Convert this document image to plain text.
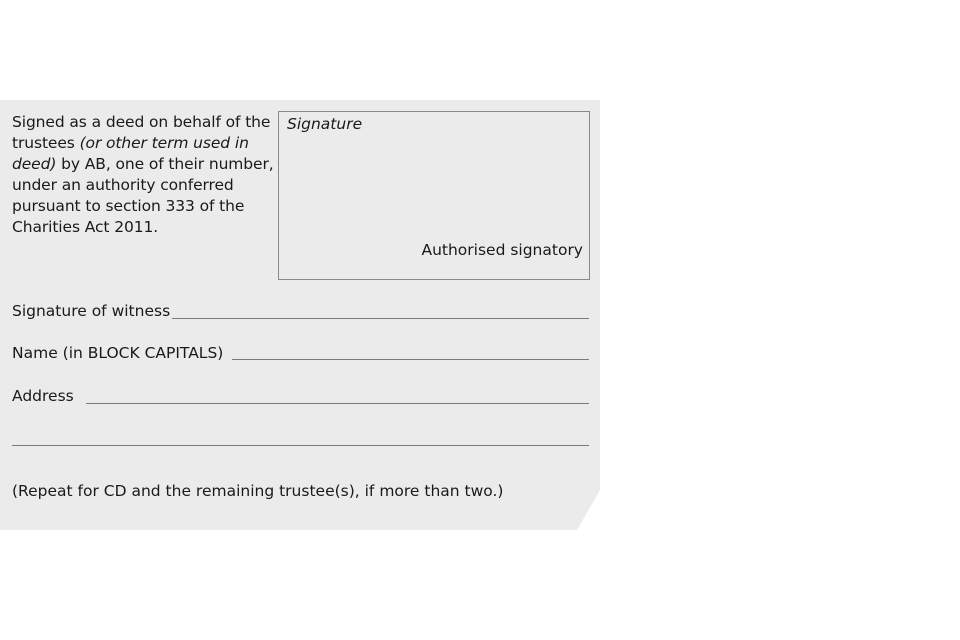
Signed as a deed on behalf of the trustees (or other term used in deed) by AB, one of their number, under an authority conferred pursuant to section 333 of the Charities Act 2011.
Signature
Authorised signatory
Signature of witness
Name (in BLOCK CAPITALS)
Address
(Repeat for CD and the remaining trustee(s), if more than two.)
